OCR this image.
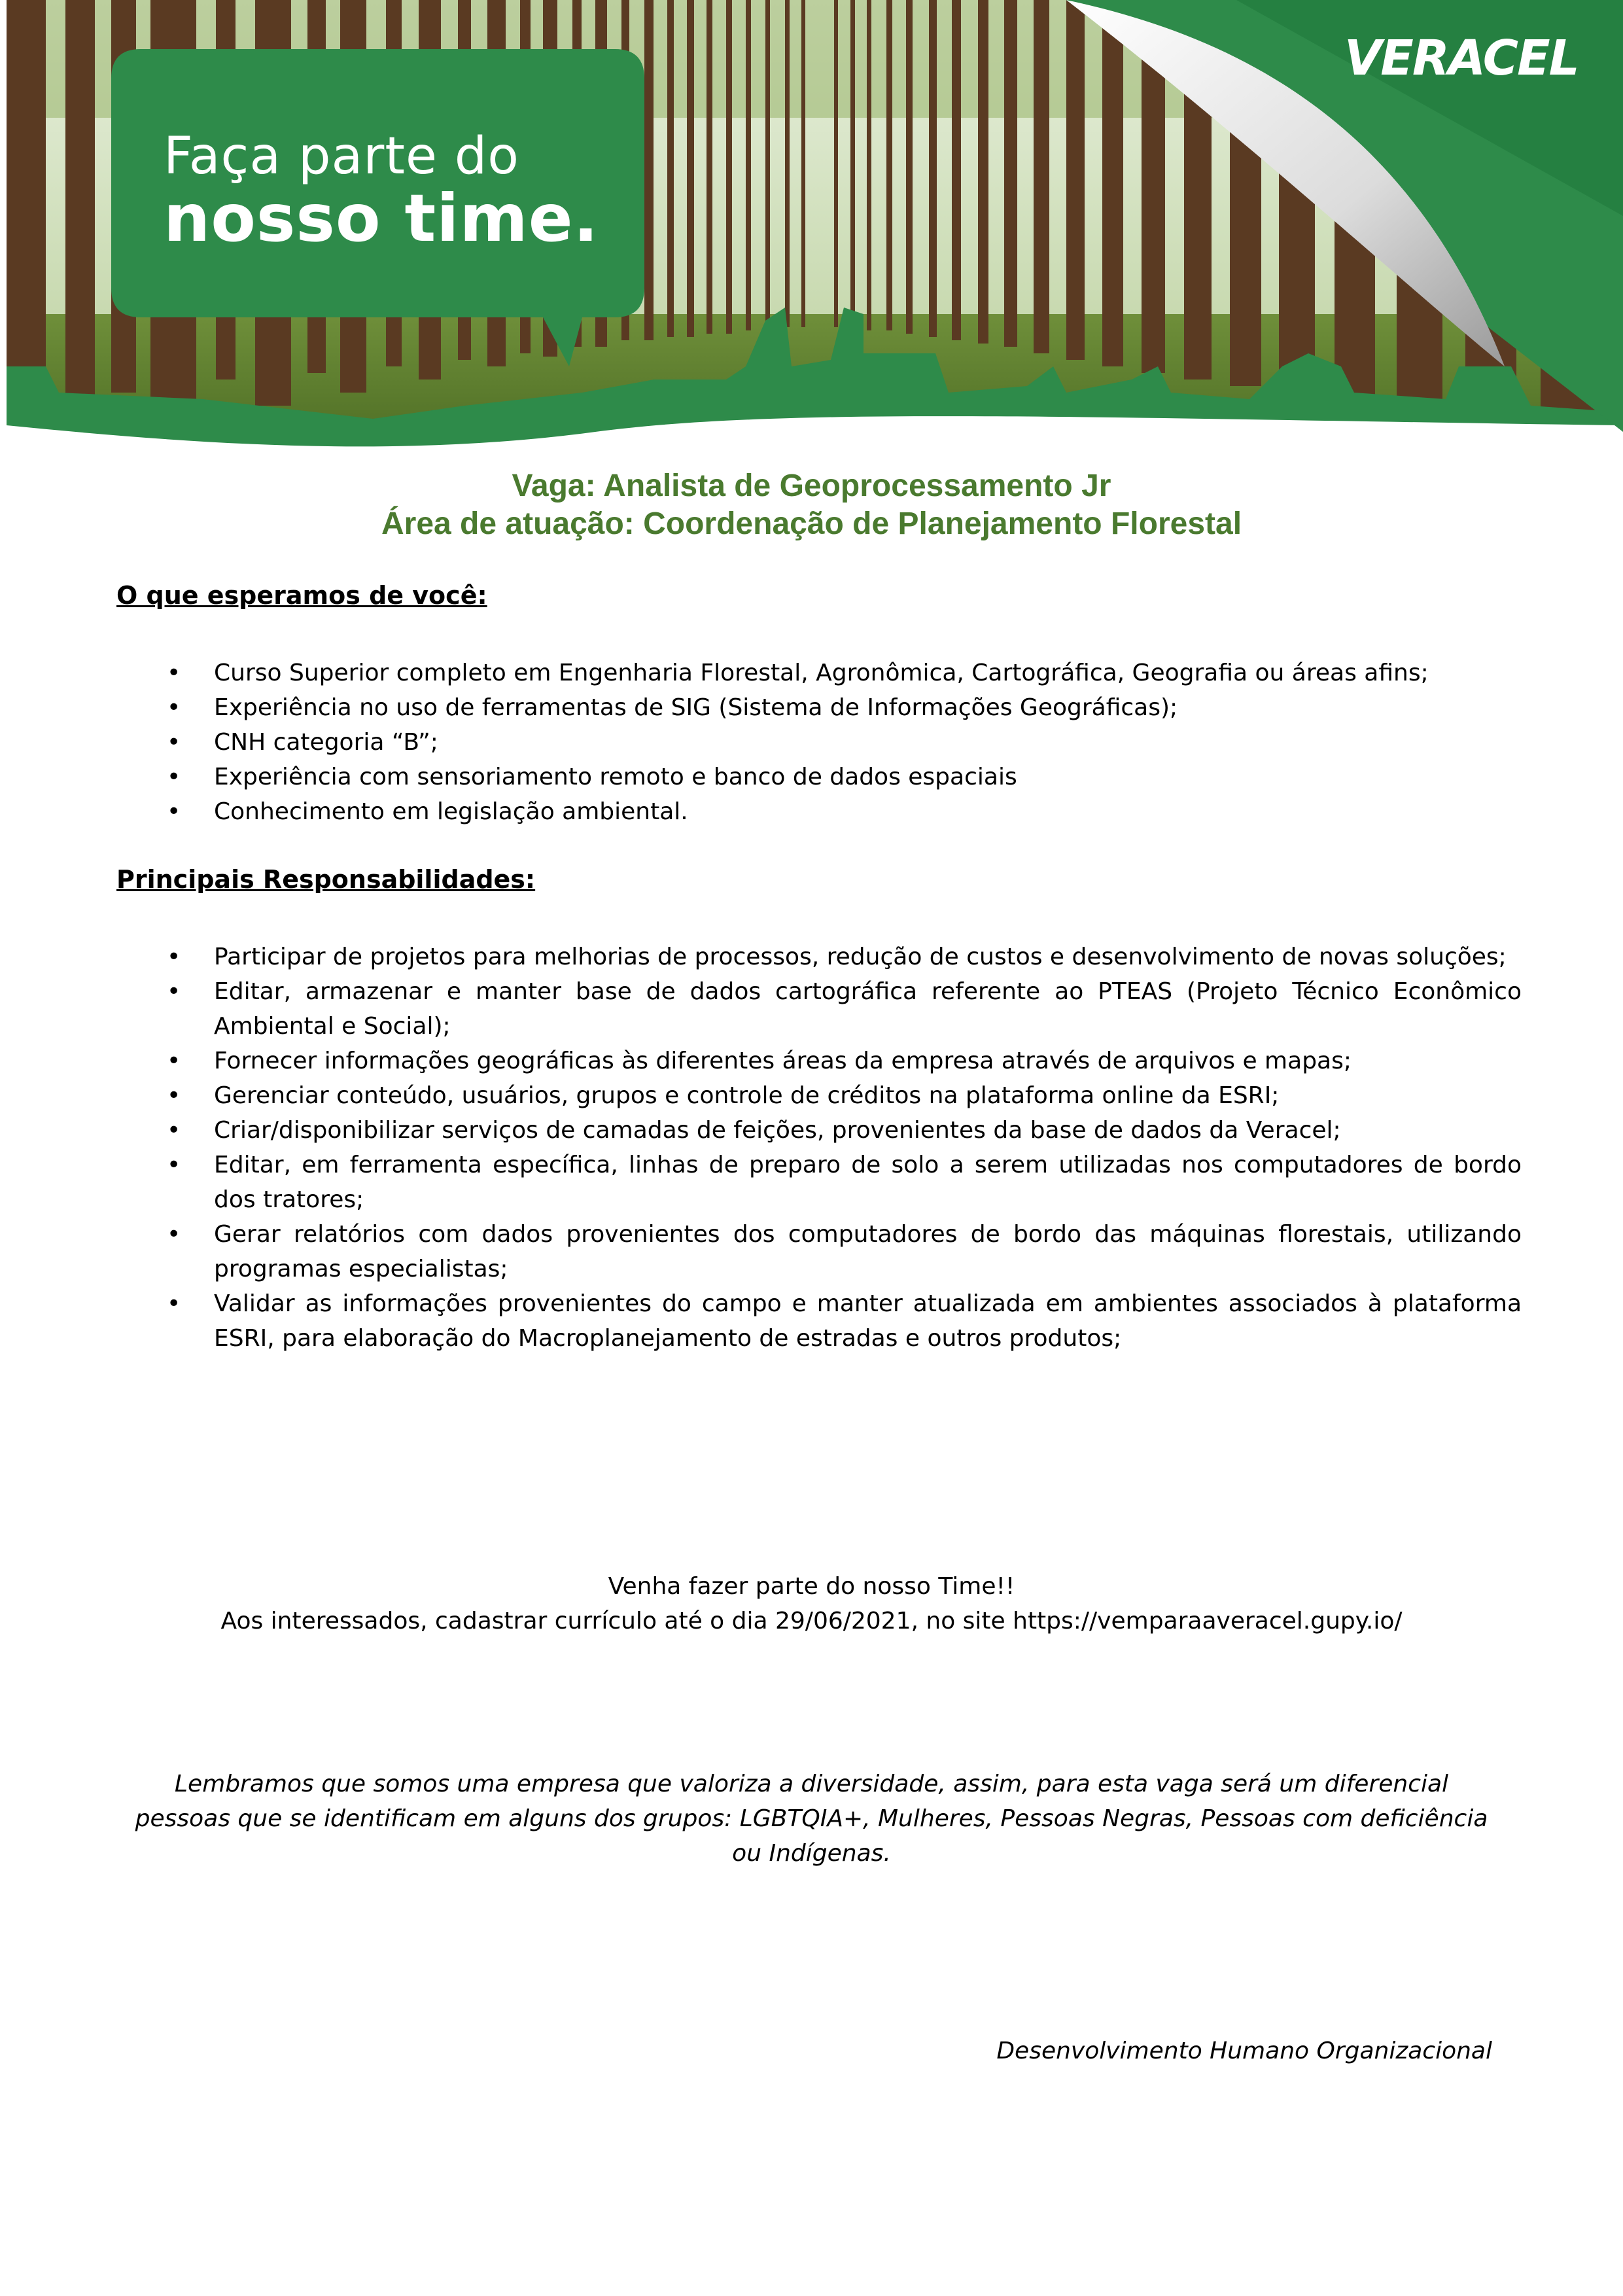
Faça parte do
nosso time.
VERACEL
Vaga: Analista de Geoprocessamento Jr
Área de atuação: Coordenação de Planejamento Florestal
O que esperamos de você:
• Curso Superior completo em Engenharia Florestal, Agronômica, Cartográfica, Geografia ou áreas afins;
• Experiência no uso de ferramentas de SIG (Sistema de Informações Geográficas);
• CNH categoria “B”;
• Experiência com sensoriamento remoto e banco de dados espaciais
• Conhecimento em legislação ambiental.
Principais Responsabilidades:
• Participar de projetos para melhorias de processos, redução de custos e desenvolvimento de novas soluções;
• Editar, armazenar e manter base de dados cartográfica referente ao PTEAS (Projeto Técnico Econômico Ambiental e Social);
• Fornecer informações geográficas às diferentes áreas da empresa através de arquivos e mapas;
• Gerenciar conteúdo, usuários, grupos e controle de créditos na plataforma online da ESRI;
• Criar/disponibilizar serviços de camadas de feições, provenientes da base de dados da Veracel;
• Editar, em ferramenta específica, linhas de preparo de solo a serem utilizadas nos computadores de bordo dos tratores;
• Gerar relatórios com dados provenientes dos computadores de bordo das máquinas florestais, utilizando programas especialistas;
• Validar as informações provenientes do campo e manter atualizada em ambientes associados à plataforma ESRI, para elaboração do Macroplanejamento de estradas e outros produtos;
Venha fazer parte do nosso Time!!
Aos interessados, cadastrar currículo até o dia 29/06/2021, no site https://vemparaaveracel.gupy.io/
Lembramos que somos uma empresa que valoriza a diversidade, assim, para esta vaga será um diferencial pessoas que se identificam em alguns dos grupos: LGBTQIA+, Mulheres, Pessoas Negras, Pessoas com deficiência ou Indígenas.
Desenvolvimento Humano Organizacional
